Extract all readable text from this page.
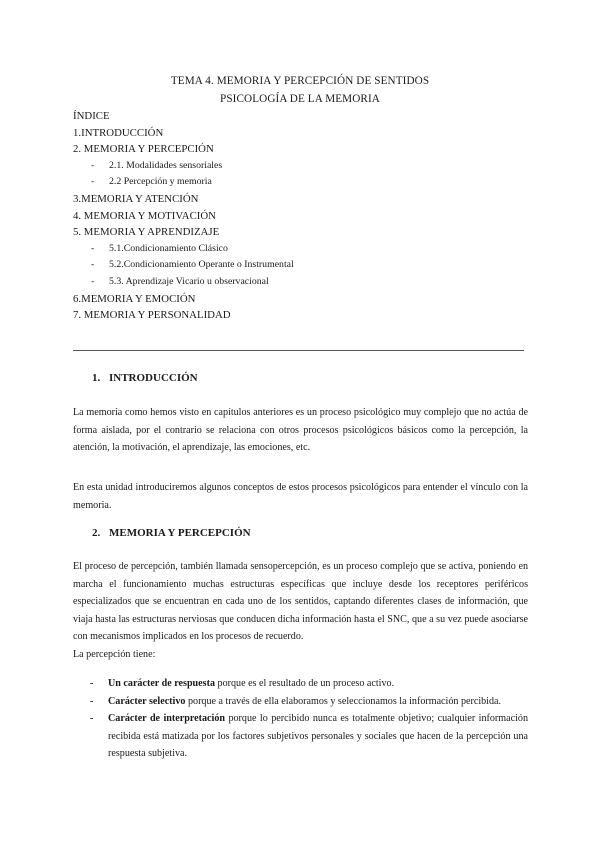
TEMA 4. MEMORIA Y PERCEPCIÓN DE SENTIDOS
PSICOLOGÍA DE LA MEMORIA
ÍNDICE
1.INTRODUCCIÓN
2. MEMORIA Y PERCEPCIÓN
- 2.1. Modalidades sensoriales
- 2.2 Percepción y memoria
3.MEMORIA Y ATENCIÓN
4. MEMORIA Y MOTIVACIÓN
5. MEMORIA Y APRENDIZAJE
- 5.1.Condicionamiento Clásico
- 5.2.Condicionamiento Operante o Instrumental
- 5.3. Aprendizaje Vicario u observacional
6.MEMORIA Y EMOCIÓN
7. MEMORIA Y PERSONALIDAD
1. INTRODUCCIÓN
La memoria como hemos visto en capítulos anteriores es un proceso psicológico muy complejo que no actúa de forma aislada, por el contrario se relaciona con otros procesos psicológicos básicos como la percepción, la atención, la motivación, el aprendizaje, las emociones, etc.
En esta unidad introduciremos algunos conceptos de estos procesos psicológicos para entender el vínculo con la memoria.
2. MEMORIA Y PERCEPCIÓN
El proceso de percepción, también llamada sensopercepción, es un proceso complejo que se activa, poniendo en marcha el funcionamiento muchas estructuras específicas que incluye desde los receptores periféricos especializados que se encuentran en cada uno de los sentidos, captando diferentes clases de información, que viaja hasta las estructuras nerviosas que conducen dicha información hasta el SNC, que a su vez puede asociarse con mecanismos implicados en los procesos de recuerdo.
La percepción tiene:
-	Un carácter de respuesta porque es el resultado de un proceso activo.
-	Carácter selectivo porque a través de ella elaboramos y seleccionamos la información percibida.
-	Carácter de interpretación porque lo percibido nunca es totalmente objetivo; cualquier información recibida está matizada por los factores subjetivos personales y sociales que hacen de la percepción una respuesta subjetiva.
